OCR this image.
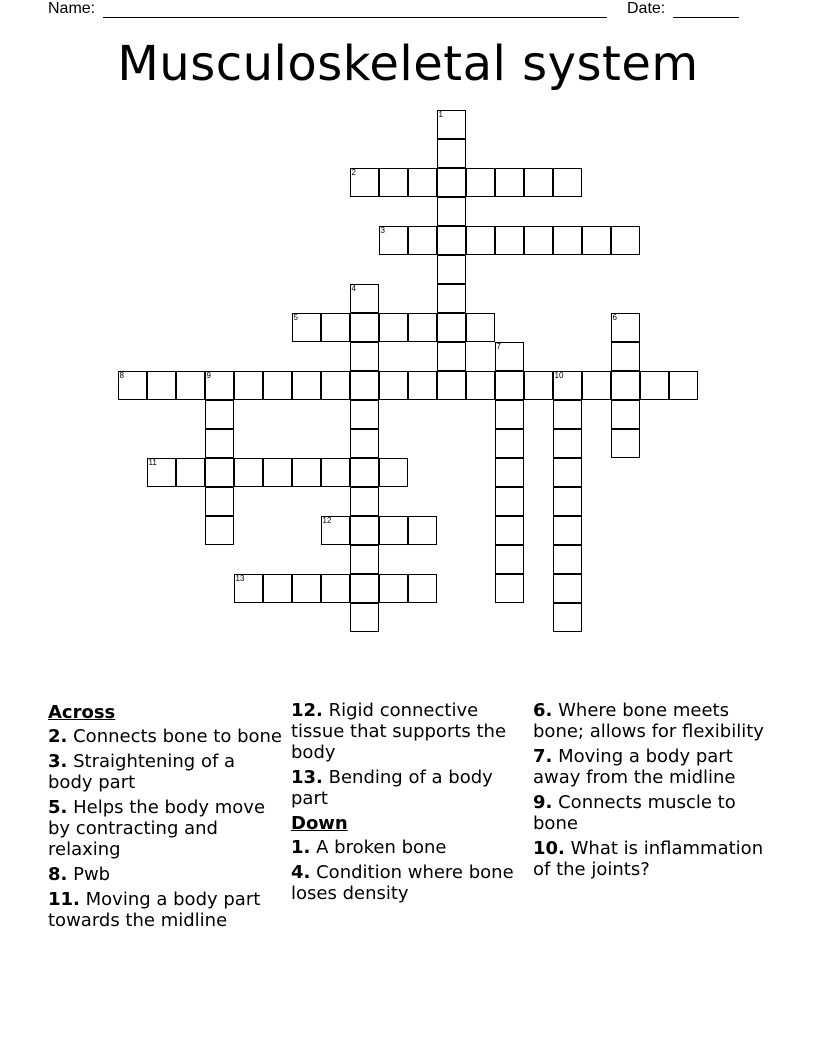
Name:	Date:
Musculoskeletal system
1
2
3
4
5	6
7
8	9	10
11
12
13
Across
2. Connects bone to bone
3. Straightening of a body part
5. Helps the body move by contracting and relaxing
8. Pwb
11. Moving a body part towards the midline
12. Rigid connective tissue that supports the body
13. Bending of a body part
Down
1. A broken bone
4. Condition where bone loses density
6. Where bone meets bone; allows for flexibility
7. Moving a body part away from the midline
9. Connects muscle to bone
10. What is inflammation of the joints?
